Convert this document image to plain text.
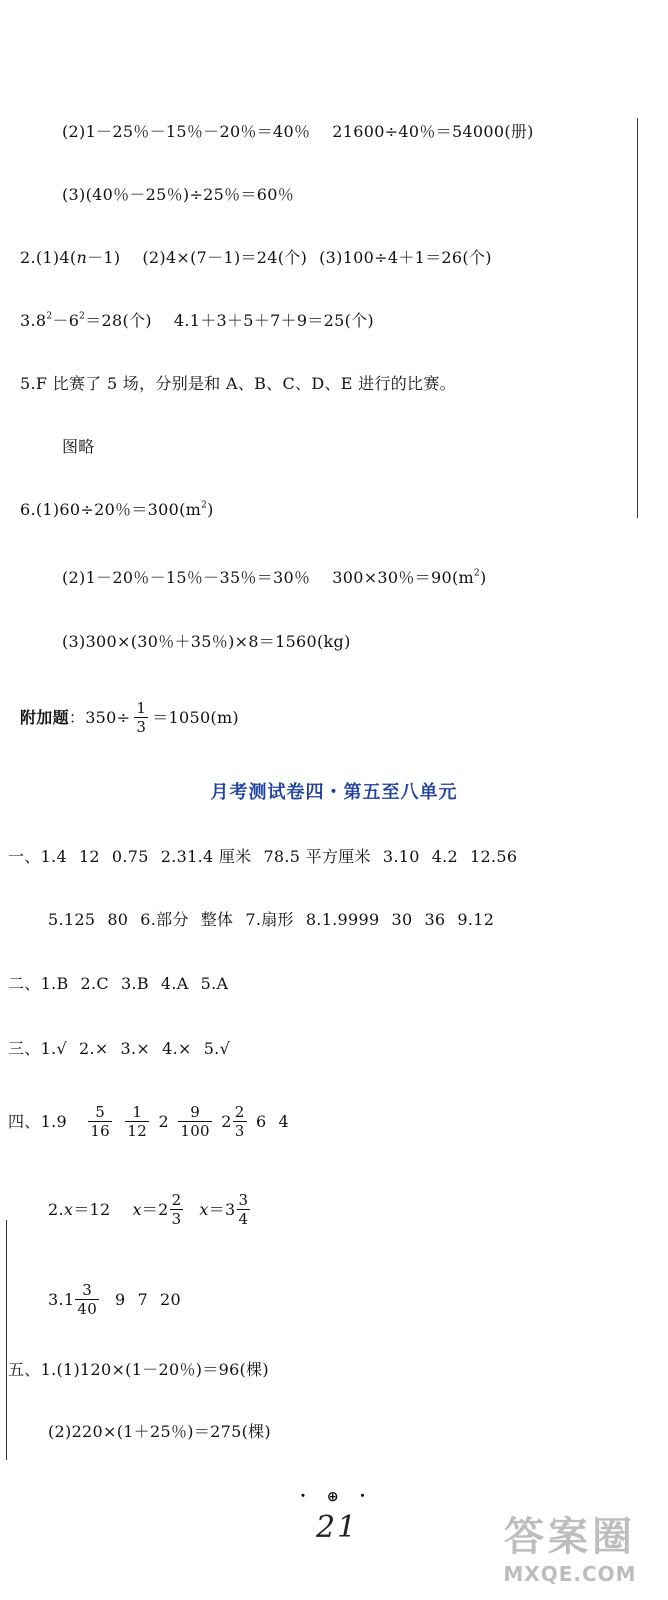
(2)1－25％－15％－20％＝40％ 21600÷40％＝54000(册)
(3)(40％－25％)÷25％＝60％
2.(1)4(n－1) (2)4×(7－1)＝24(个) (3)100÷4＋1＝26(个)
$3.8^2-6^2=28$(个) 4.1＋3＋5＋7＋9＝25(个)
5.F 比赛了 5 场，分别是和 A、B、C、D、E 进行的比赛。
图略
6.(1)60÷20％$=300(m^2)$
(2)1－20％－15％－35％＝30％ 300×30％$=90(m^2)$
(3)300×(30％＋35％)×8＝1560(kg)
附加题：$350\div \frac{1}{3} =1050(m)$
月考测试卷四・第五至八单元
一、1.4 12 0.75 2.31.4 厘米 78.5 平方厘米 3.10 4.2 12.56
5.125 80 6.部分 整体 7.扇形 8.1.9999 30 36 9.12
二、1.B 2.C 3.B 4.A 5.A
三、1.√ 2.× 3.× 4.× 5.√
四、$1.9 \frac{5}{16}$
$\frac{1}{12} 2 \frac{9}{100} 2 \frac{2}{3} 6$ 4
2.x＝12 $x=2 \frac{2}{3} x=3 \frac{3}{4}$
$3.1 \frac{3}{40} 9$ 7 20
五、1.(1)120×(1－20％)＝96(棵)
(2)220×(1＋25％)＝275(棵)
・ ⊕ ・
21	答案圈
MXQE.COM
